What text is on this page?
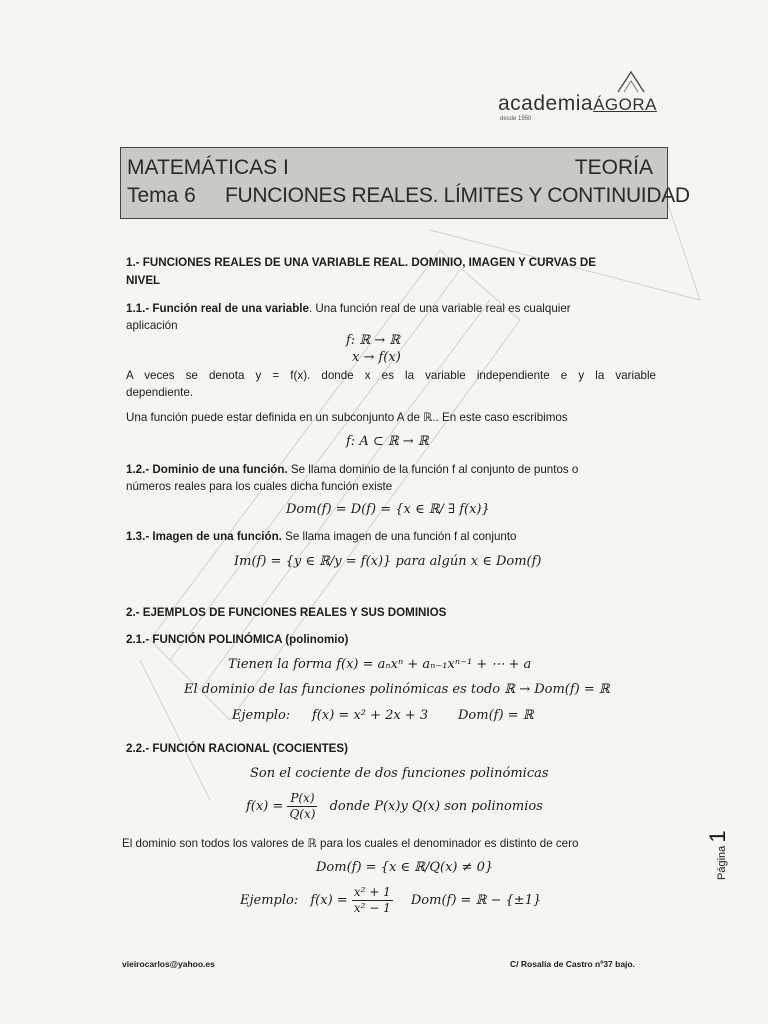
academiaÁGORA
desde 1950
MATEMÁTICAS I	TEORÍA
Tema 6 FUNCIONES REALES. LÍMITES Y CONTINUIDAD
1.- FUNCIONES REALES DE UNA VARIABLE REAL. DOMINIO, IMAGEN Y CURVAS DE
NIVEL
1.1.- Función real de una variable. Una función real de una variable real es cualquier
aplicación
f: ℝ → ℝ
x → f(x)
A veces se denota y = f(x). donde x es la variable independiente e y la variable
dependiente.
Una función puede estar definida en un subconjunto A de ℝ.. En este caso escribimos
f: A ⊂ ℝ → ℝ
1.2.- Dominio de una función. Se llama dominio de la función f al conjunto de puntos o
números reales para los cuales dicha función existe
Dom(f) = D(f) = {x ∈ ℝ/ ∃ f(x)}
1.3.- Imagen de una función. Se llama imagen de una función f al conjunto
Im(f) = {y ∈ ℝ/y = f(x)} para algún x ∈ Dom(f)
2.- EJEMPLOS DE FUNCIONES REALES Y SUS DOMINIOS
2.1.- FUNCIÓN POLINÓMICA (polinomio)
Tienen la forma f(x) = aₙxⁿ + aₙ₋₁xⁿ⁻¹ + ⋯ + a
El dominio de las funciones polinómicas es todo ℝ → Dom(f) = ℝ
Ejemplo: f(x) = x² + 2x + 3 Dom(f) = ℝ
2.2.- FUNCIÓN RACIONAL (COCIENTES)
Son el cociente de dos funciones polinómicas
$f(x) = \frac{P(x)}{Q(x)}$ donde P(x)y Q(x) son polinomios
El dominio son todos los valores de ℝ para los cuales el denominador es distinto de cero
Dom(f) = {x ∈ ℝ/Q(x) ≠ 0}
Ejemplo: $f(x) = \frac{\text{x² + 1}}{\text{x² − 1}} Dom(f)$ = ℝ − {±1}
Página 1
vieirocarlos@yahoo.es	C/ Rosalía de Castro nº37 bajo.
